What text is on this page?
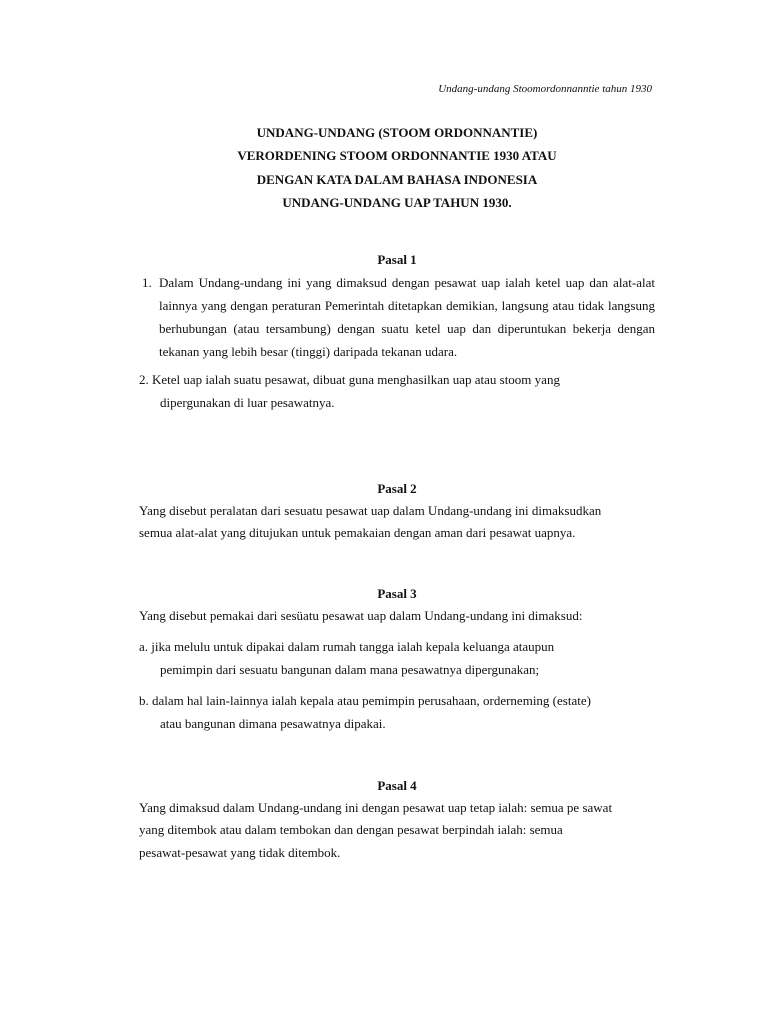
Undang-undang Stoomordonnanntie tahun 1930
UNDANG-UNDANG (STOOM ORDONNANTIE)
VERORDENING STOOM ORDONNANTIE 1930 ATAU
DENGAN KATA DALAM BAHASA INDONESIA
UNDANG-UNDANG UAP TAHUN 1930.
Pasal 1
1. Dalam Undang-undang ini yang dimaksud dengan pesawat uap ialah ketel uap dan alat-alat lainnya yang dengan peraturan Pemerintah ditetapkan demikian, langsung atau tidak langsung berhubungan (atau tersambung) dengan suatu ketel uap dan diperuntukan bekerja dengan tekanan yang lebih besar (tinggi) daripada tekanan udara.
2. Ketel uap ialah suatu pesawat, dibuat guna menghasilkan uap atau stoom yang
dipergunakan di luar pesawatnya.
Pasal 2
Yang disebut peralatan dari sesuatu pesawat uap dalam Undang-undang ini dimaksudkan
semua alat-alat yang ditujukan untuk pemakaian dengan aman dari pesawat uapnya.
Pasal 3
Yang disebut pemakai dari sesüatu pesawat uap dalam Undang-undang ini dimaksud:
a. jika melulu untuk dipakai dalam rumah tangga ialah kepala keluanga ataupun
pemimpin dari sesuatu bangunan dalam mana pesawatnya dipergunakan;
b. dalam hal lain-lainnya ialah kepala atau pemimpin perusahaan, orderneming (estate)
atau bangunan dimana pesawatnya dipakai.
Pasal 4
Yang dimaksud dalam Undang-undang ini dengan pesawat uap tetap ialah: semua pe sawat
yang ditembok atau dalam tembokan dan dengan pesawat berpindah ialah: semua
pesawat-pesawat yang tidak ditembok.
